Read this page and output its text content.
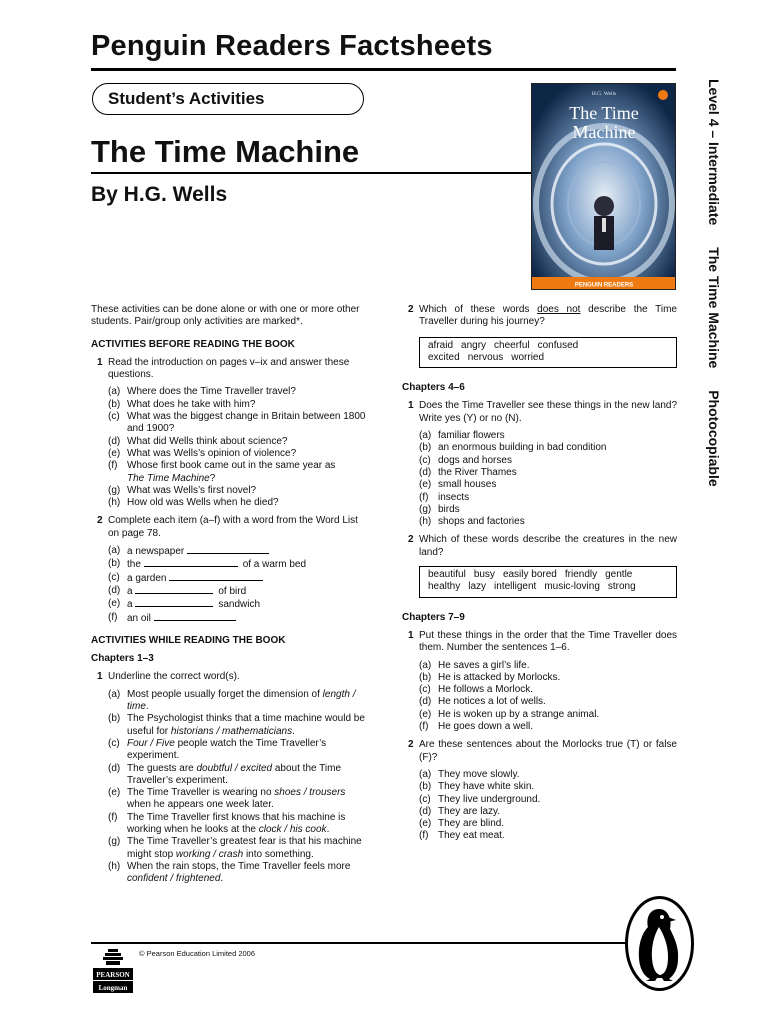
Penguin Readers Factsheets
Student’s Activities
The Time Machine
By H.G. Wells
PENGUIN READERS
H.G. Wells
The Time
Machine	Level 4 – Intermediate The Time Machine Photocopiable

These activities can be done alone or with one or more other students. Pair/group only activities are marked*.

ACTIVITIES BEFORE READING THE BOOK

1 Read the introduction on pages v–ix and answer these questions.
(a) Where does the Time Traveller travel?
(b) What does he take with him?
(c) What was the biggest change in Britain between 1800 and 1900?
(d) What did Wells think about science?
(e) What was Wells’s opinion of violence?
(f) Whose first book came out in the same year as
The Time Machine?
(g) What was Wells’s first novel?
(h) How old was Wells when he died?
2 Complete each item (a–f) with a word from the Word List on page 78.
(a) a newspaper
(b) the	of a warm bed
(c) a garden
(d) a	of bird
(e) a	sandwich
(f) an oil

ACTIVITIES WHILE READING THE BOOK

Chapters 1–3

1 Underline the correct word(s).
(a) Most people usually forget the dimension of length / time.
(b) The Psychologist thinks that a time machine would be useful for historians / mathematicians.
(c) Four / Five people watch the Time Traveller’s experiment.
(d) The guests are doubtful / excited about the Time Traveller’s experiment.
(e) The Time Traveller is wearing no shoes / trousers when he appears one week later.
(f) The Time Traveller first knows that his machine is working when he looks at the clock / his cook.
(g) The Time Traveller’s greatest fear is that his machine might stop working / crash into something.
(h) When the rain stops, the Time Traveller feels more confident / frightened.
2 Which of these words does not describe the Time Traveller during his journey?
afraid angry cheerful confused
excited nervous worried

Chapters 4–6

1 Does the Time Traveller see these things in the new land? Write yes (Y) or no (N).
(a) familiar flowers
(b) an enormous building in bad condition
(c) dogs and horses
(d) the River Thames
(e) small houses
(f) insects
(g) birds
(h) shops and factories
2 Which of these words describe the creatures in the new land?
beautiful busy easily bored friendly gentle
healthy lazy intelligent music-loving strong

Chapters 7–9

1 Put these things in the order that the Time Traveller does them. Number the sentences 1–6.
(a) He saves a girl’s life.
(b) He is attacked by Morlocks.
(c) He follows a Morlock.
(d) He notices a lot of wells.
(e) He is woken up by a strange animal.
(f) He goes down a well.
2 Are these sentences about the Morlocks true (T) or false (F)?
(a) They move slowly.
(b) They have white skin.
(c) They live underground.
(d) They are lazy.
(e) They are blind.
(f) They eat meat.
PEARSON
Longman
© Pearson Education Limited 2006
